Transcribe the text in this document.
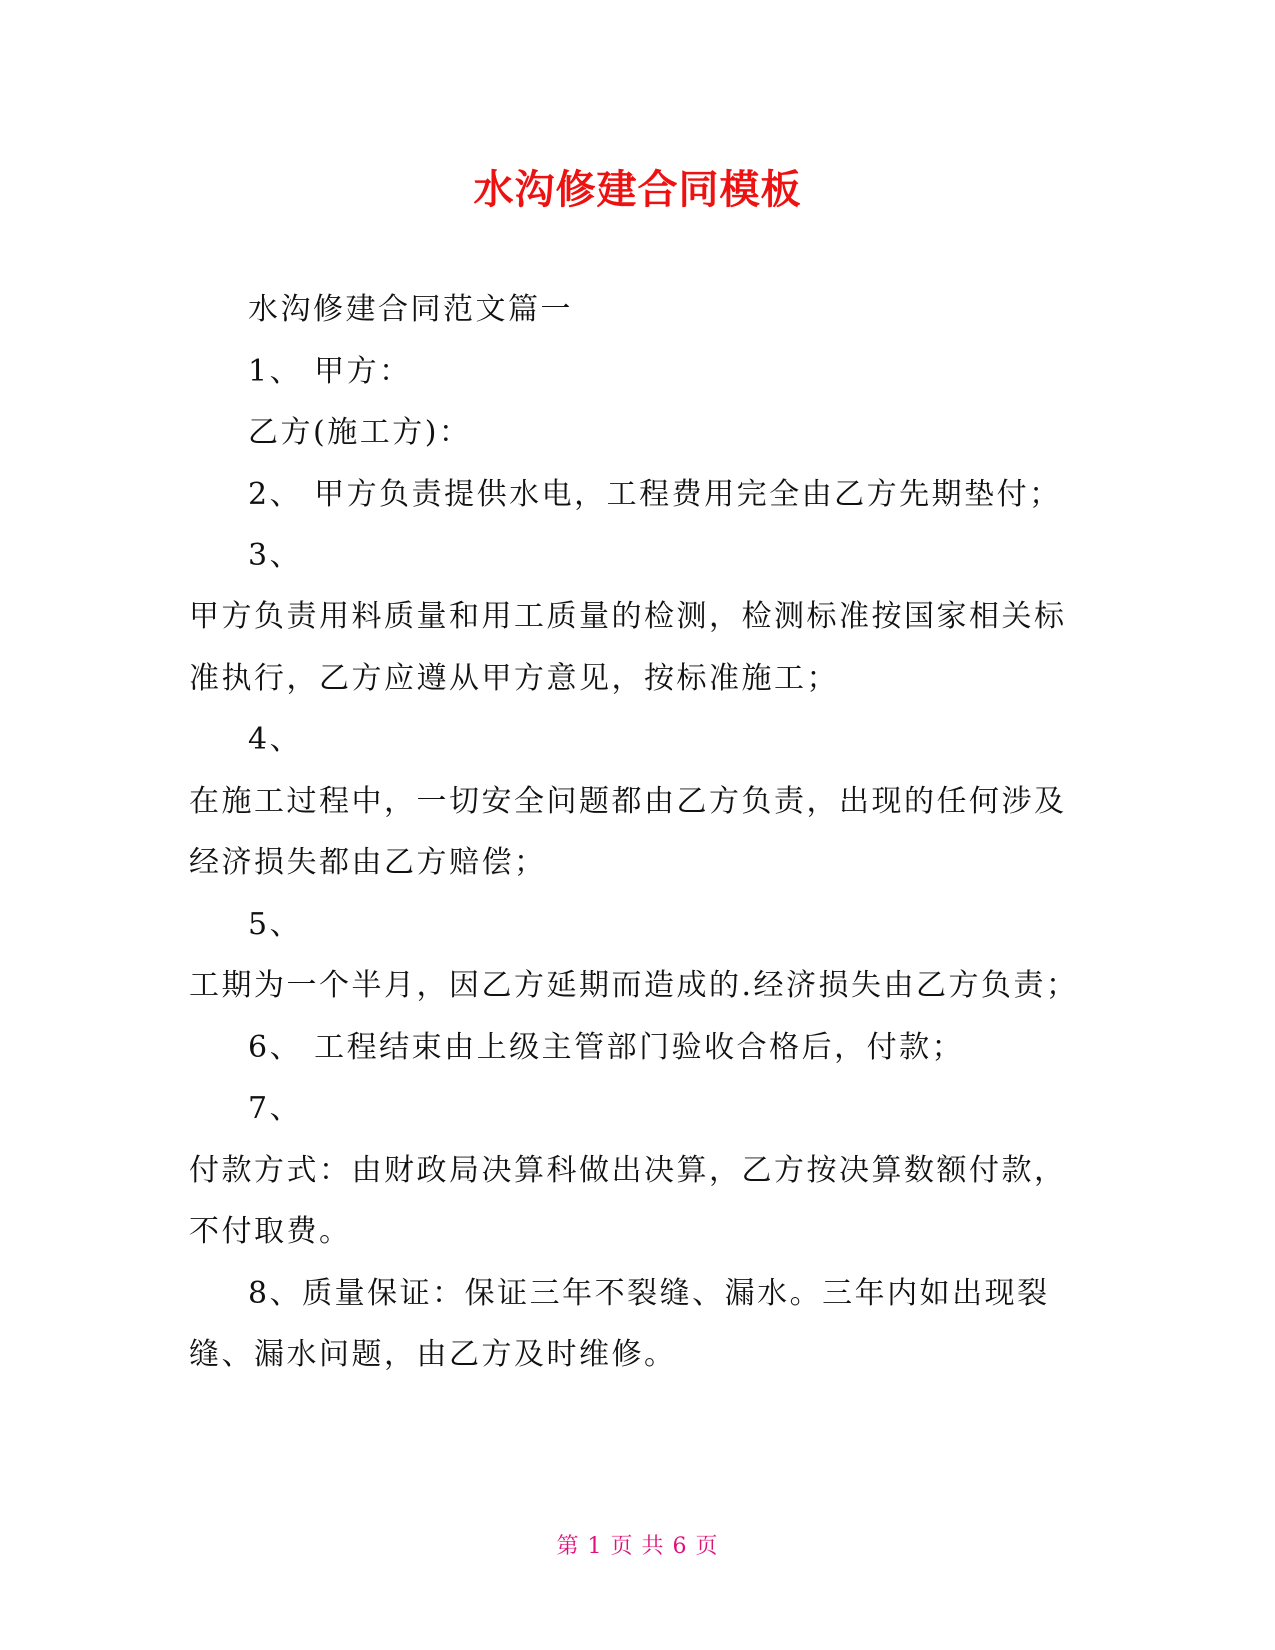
水沟修建合同模板
水沟修建合同范文篇一
1、 甲方：
乙方(施工方)：
2、 甲方负责提供水电，工程费用完全由乙方先期垫付；
3、
甲方负责用料质量和用工质量的检测，检测标准按国家相关标
准执行，乙方应遵从甲方意见，按标准施工；
4、
在施工过程中，一切安全问题都由乙方负责，出现的任何涉及
经济损失都由乙方赔偿；
5、
工期为一个半月，因乙方延期而造成的.经济损失由乙方负责；
6、 工程结束由上级主管部门验收合格后，付款；
7、
付款方式：由财政局决算科做出决算，乙方按决算数额付款，
不付取费。
8、质量保证：保证三年不裂缝、漏水。三年内如出现裂
缝、漏水问题，由乙方及时维修。
第 1 页 共 6 页
